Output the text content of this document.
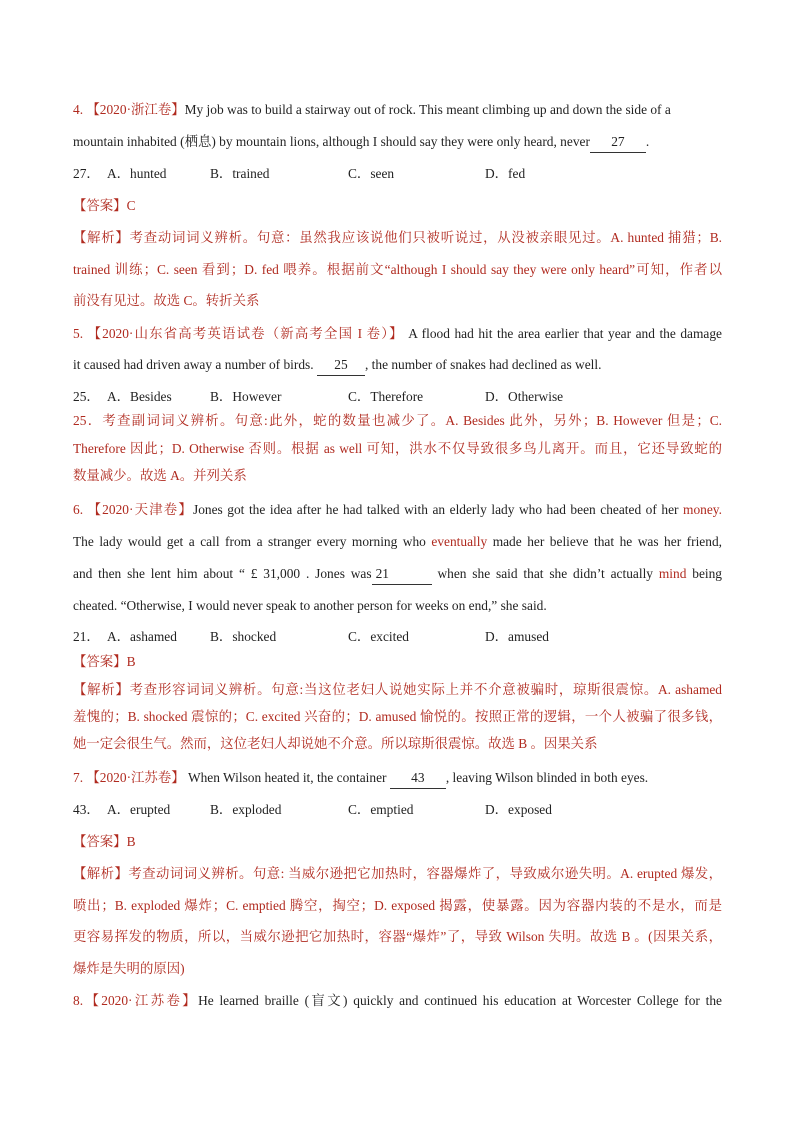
4. 【2020·浙江卷】My job was to build a stairway out of rock. This meant climbing up and down the side of a
mountain inhabited (栖息) by mountain lions, although I should say they were only heard, never 27 .
27． A．hunted	B．trained	C．seen	D．fed
【答案】C
【解析】考查动词词义辨析。句意：虽然我应该说他们只被听说过，从没被亲眼见过。A. hunted 捕猎；B.
trained 训练；C. seen 看到；D. fed 喂养。根据前文“although I should say they were only heard”可知，作者以
前没有见过。故选 C。转折关系
5. 【2020·山东省高考英语试卷（新高考全国 I 卷）】 A flood had hit the area earlier that year and the damage
it caused had driven away a number of birds. 25 , the number of snakes had declined as well.
25． A．Besides	B．However	C．Therefore	D．Otherwise
25．考查副词词义辨析。句意:此外，蛇的数量也减少了。A. Besides 此外，另外；B. However 但是；C.
Therefore 因此；D. Otherwise 否则。根据 as well 可知，洪水不仅导致很多鸟儿离开。而且，它还导致蛇的
数量减少。故选 A。并列关系
6. 【2020·天津卷】Jones got the idea after he had talked with an elderly lady who had been cheated of her money.
The lady would get a call from a stranger every morning who eventually made her believe that he was her friend,
and then she lent him about “ £ 31,000 . Jones was 21	when she said that she didn’t actually mind being
cheated. “Otherwise, I would never speak to another person for weeks on end,” she said.
21． A．ashamed B．shocked	C．excited	D．amused
【答案】B
【解析】考查形容词词义辨析。句意:当这位老妇人说她实际上并不介意被骗时，琼斯很震惊。A. ashamed
羞愧的；B. shocked 震惊的；C. excited 兴奋的；D. amused 愉悦的。按照正常的逻辑，一个人被骗了很多钱，
她一定会很生气。然而，这位老妇人却说她不介意。所以琼斯很震惊。故选 B 。因果关系
7. 【2020·江苏卷】 When Wilson heated it, the container 43 , leaving Wilson blinded in both eyes.
43． A．erupted	B．exploded	C．emptied	D．exposed
【答案】B
【解析】考查动词词义辨析。句意: 当威尔逊把它加热时，容器爆炸了，导致威尔逊失明。A. erupted 爆发，
喷出；B. exploded 爆炸；C. emptied 腾空，掏空；D. exposed 揭露，使暴露。因为容器内装的不是水，而是
更容易挥发的物质，所以，当威尔逊把它加热时，容器“爆炸”了，导致 Wilson 失明。故选 B 。(因果关系，
爆炸是失明的原因)
8.【2020·江苏卷】He learned braille (盲文) quickly and continued his education at Worcester College for the
